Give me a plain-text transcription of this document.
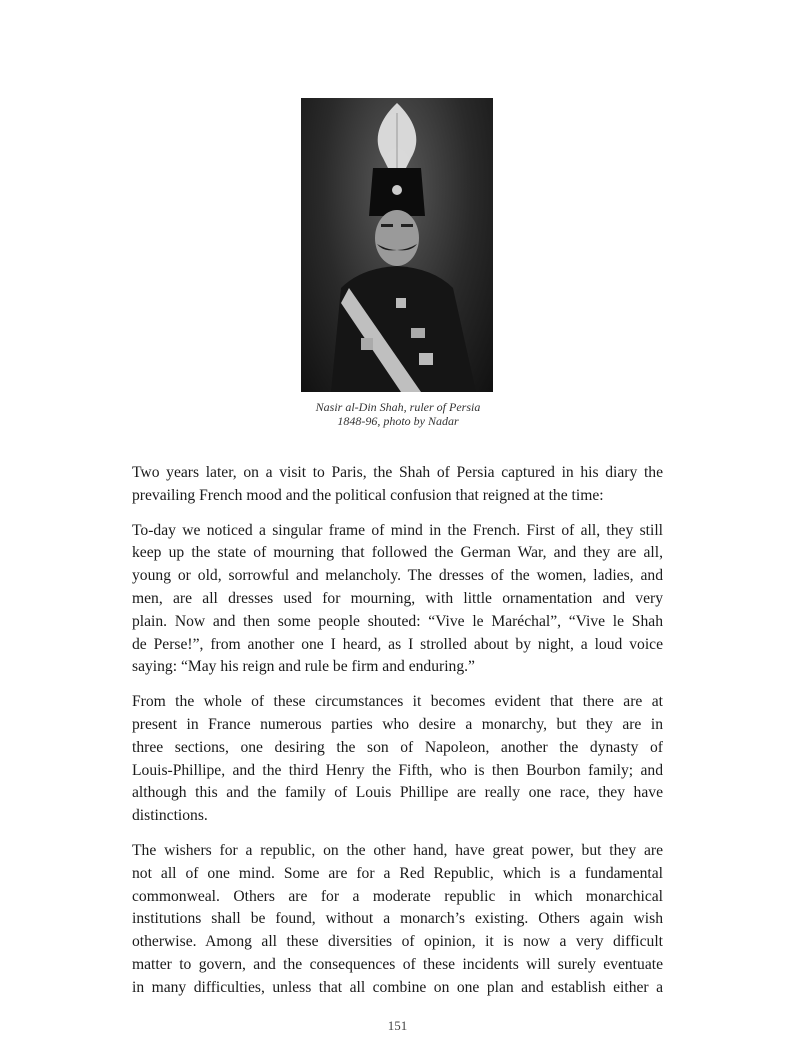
Nasir al-Din Shah, ruler of Persia
1848-96, photo by Nadar
Two years later, on a visit to Paris, the Shah of Persia captured in his diary the
prevailing French mood and the political confusion that reigned at the time:
To-day we noticed a singular frame of mind in the French. First of all, they still
keep up the state of mourning that followed the German War, and they are all,
young or old, sorrowful and melancholy. The dresses of the women, ladies, and
men, are all dresses used for mourning, with little ornamentation and very
plain. Now and then some people shouted: “Vive le Maréchal”, “Vive le Shah
de Perse!”, from another one I heard, as I strolled about by night, a loud voice
saying: “May his reign and rule be firm and enduring.”
From the whole of these circumstances it becomes evident that there are at
present in France numerous parties who desire a monarchy, but they are in
three sections, one desiring the son of Napoleon, another the dynasty of
Louis-Phillipe, and the third Henry the Fifth, who is then Bourbon family; and
although this and the family of Louis Phillipe are really one race, they have
distinctions.
The wishers for a republic, on the other hand, have great power, but they are
not all of one mind. Some are for a Red Republic, which is a fundamental
commonweal. Others are for a moderate republic in which monarchical
institutions shall be found, without a monarch’s existing. Others again wish
otherwise. Among all these diversities of opinion, it is now a very difficult
matter to govern, and the consequences of these incidents will surely eventuate
in many difficulties, unless that all combine on one plan and establish either a
151
